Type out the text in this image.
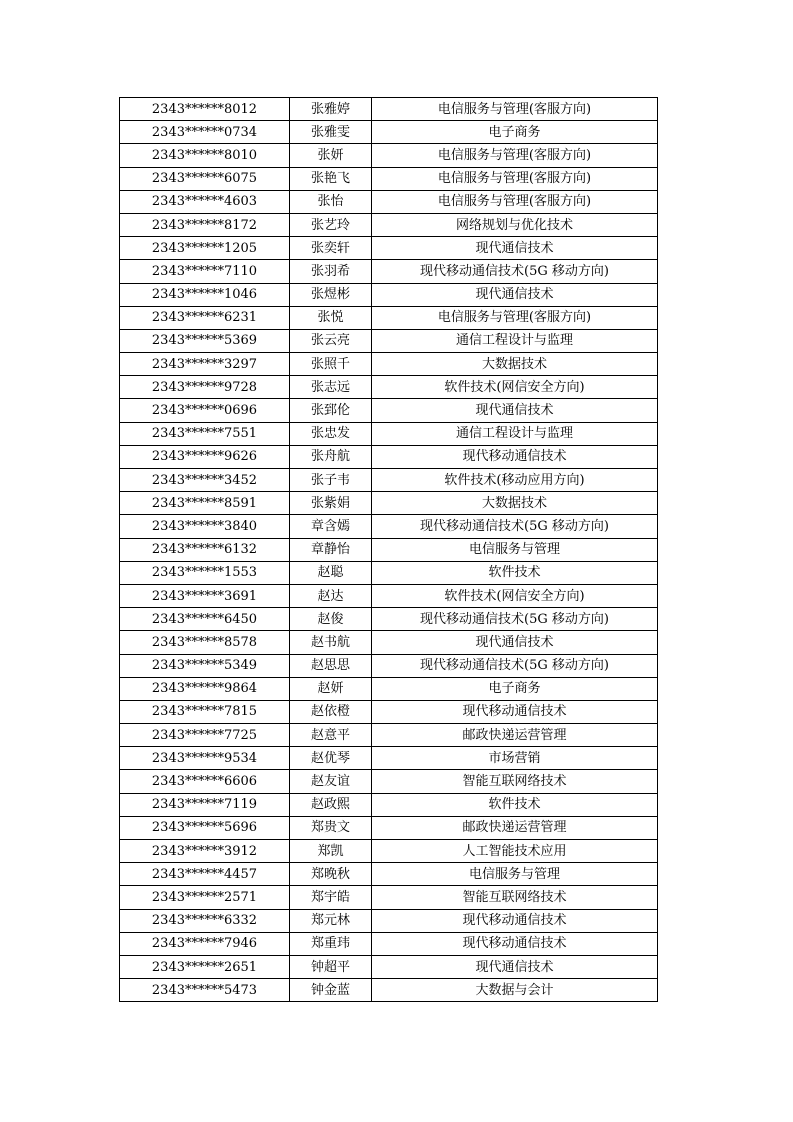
2343******8012	张雅婷	电信服务与管理(客服方向)
2343******0734	张雅雯	电子商务
2343******8010	张妍	电信服务与管理(客服方向)
2343******6075	张艳飞	电信服务与管理(客服方向)
2343******4603	张怡	电信服务与管理(客服方向)
2343******8172	张艺玲	网络规划与优化技术
2343******1205	张奕轩	现代通信技术
2343******7110	张羽希	现代移动通信技术(5G 移动方向)
2343******1046	张煜彬	现代通信技术
2343******6231	张悦	电信服务与管理(客服方向)
2343******5369	张云亮	通信工程设计与监理
2343******3297	张照千	大数据技术
2343******9728	张志远	软件技术(网信安全方向)
2343******0696	张郅伦	现代通信技术
2343******7551	张忠发	通信工程设计与监理
2343******9626	张舟航	现代移动通信技术
2343******3452	张子韦	软件技术(移动应用方向)
2343******8591	张紫娟	大数据技术
2343******3840	章含嫣	现代移动通信技术(5G 移动方向)
2343******6132	章静怡	电信服务与管理
2343******1553	赵聪	软件技术
2343******3691	赵达	软件技术(网信安全方向)
2343******6450	赵俊	现代移动通信技术(5G 移动方向)
2343******8578	赵书航	现代通信技术
2343******5349	赵思思	现代移动通信技术(5G 移动方向)
2343******9864	赵妍	电子商务
2343******7815	赵依橙	现代移动通信技术
2343******7725	赵意平	邮政快递运营管理
2343******9534	赵优琴	市场营销
2343******6606	赵友谊	智能互联网络技术
2343******7119	赵政熙	软件技术
2343******5696	郑贵文	邮政快递运营管理
2343******3912	郑凯	人工智能技术应用
2343******4457	郑晚秋	电信服务与管理
2343******2571	郑宇皓	智能互联网络技术
2343******6332	郑元林	现代移动通信技术
2343******7946	郑重玮	现代移动通信技术
2343******2651	钟超平	现代通信技术
2343******5473	钟金蓝	大数据与会计
